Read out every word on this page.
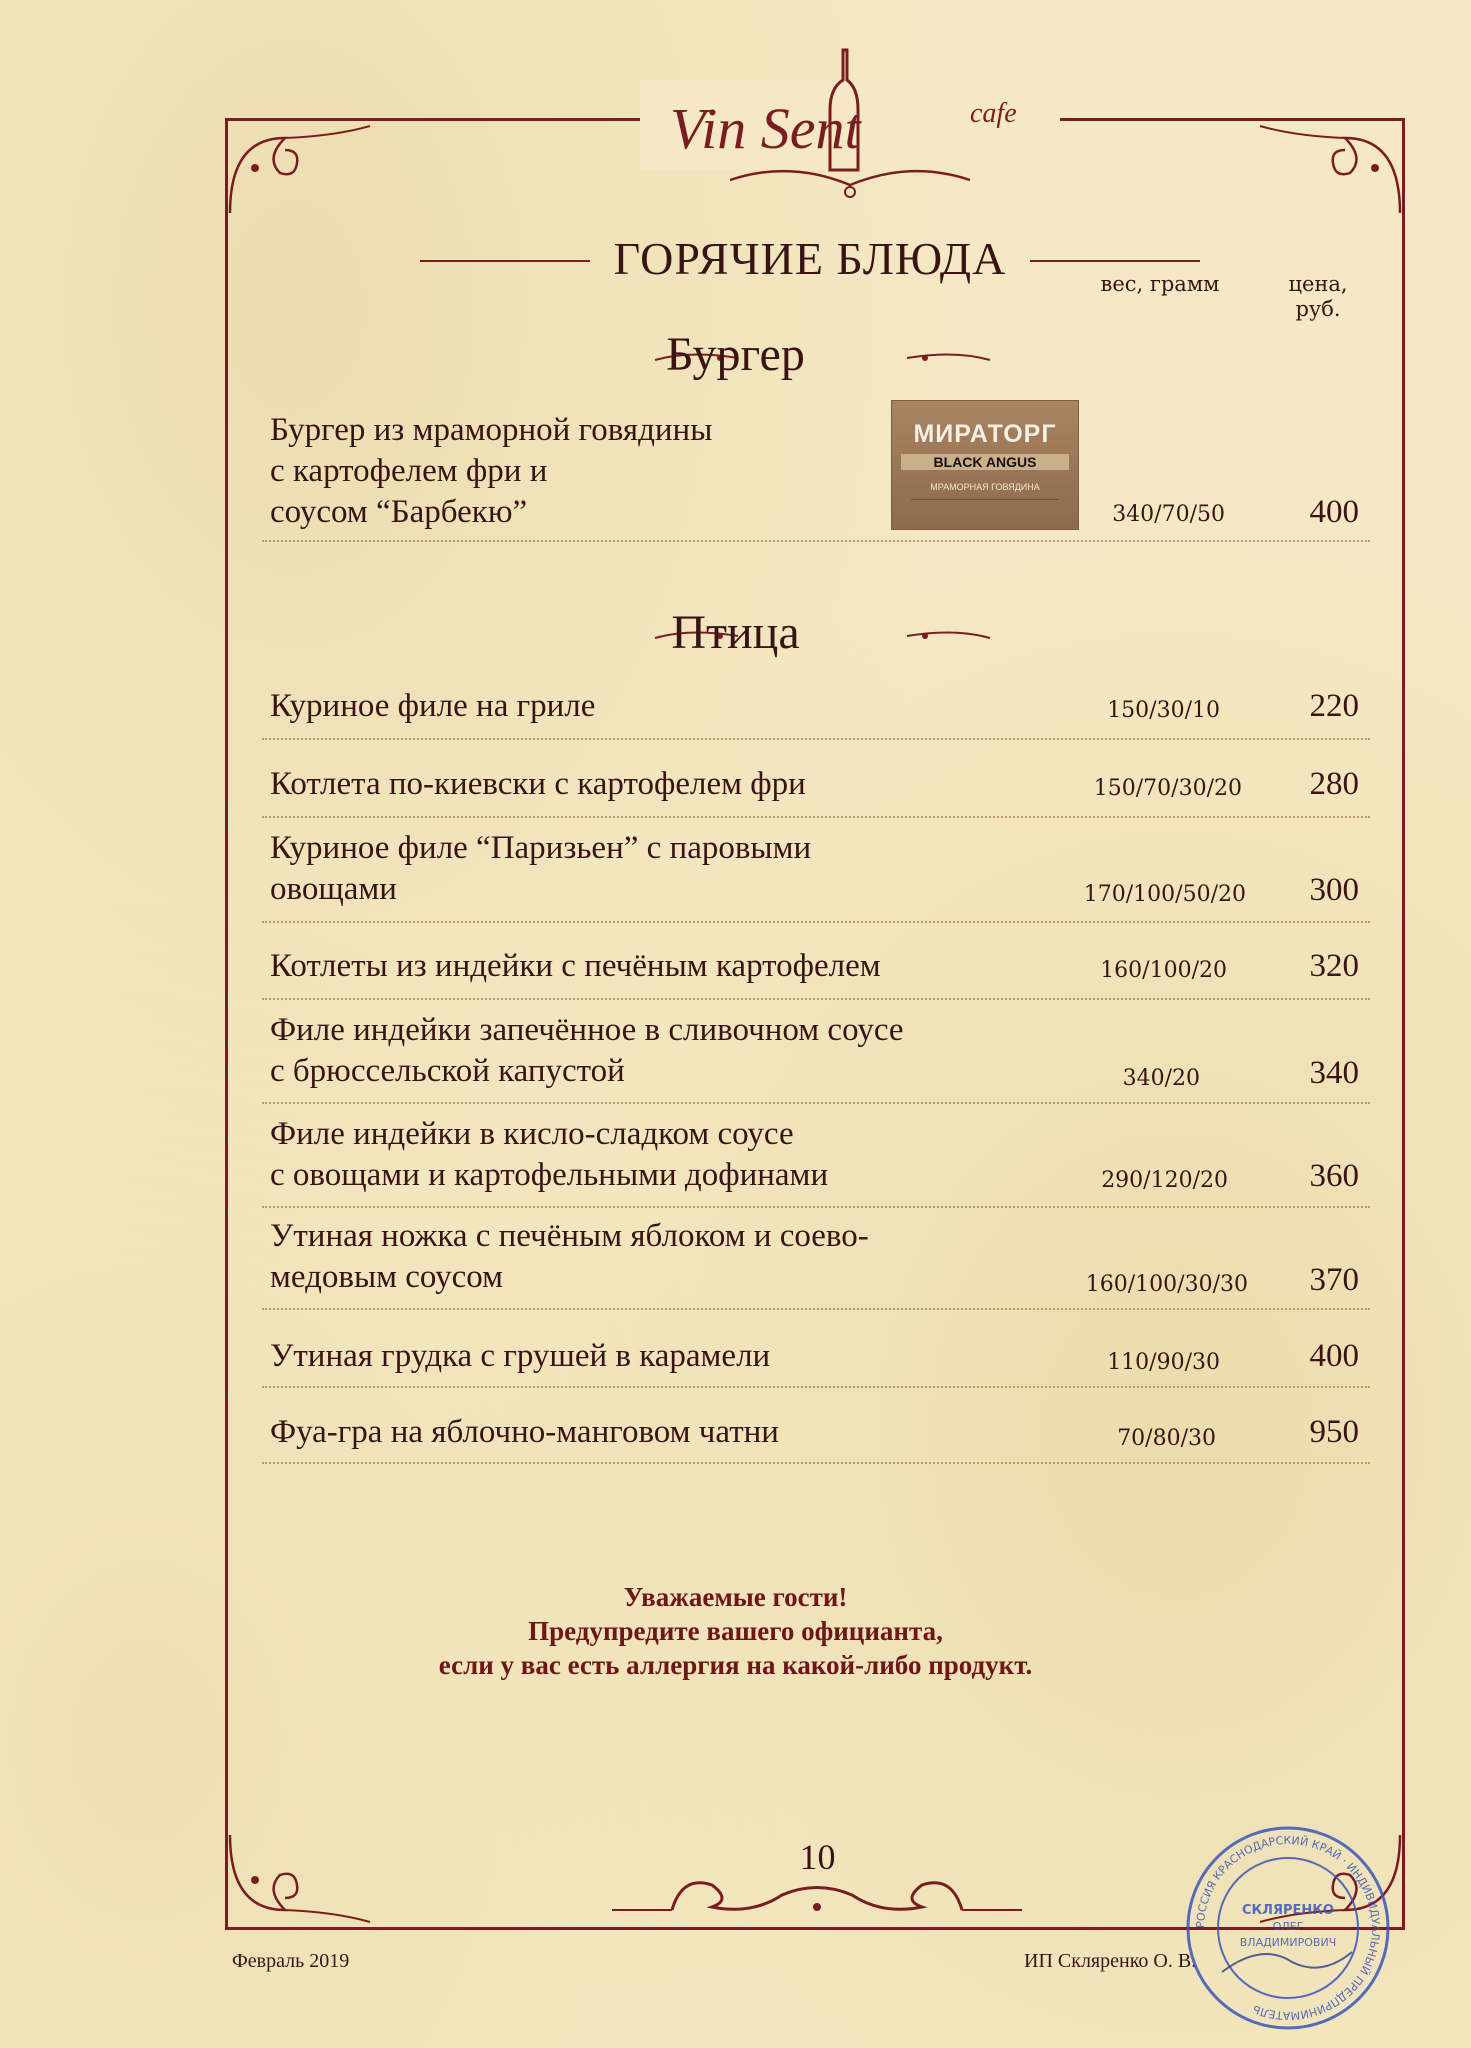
Vin Sent	cafe
ГОРЯЧИЕ БЛЮДА	вес, грамм	цена, руб.
Бургер
Бургер из мраморной говядины
с картофелем фри и
соусом “Барбекю”
МИРАТОРГ
BLACK ANGUS
МРАМОРНАЯ ГОВЯДИНА
340/70/50	400
Птица
Куриное филе на гриле	150/30/10	220
Котлета по-киевски с картофелем фри	150/70/30/20 280
Куриное филе “Паризьен” с паровыми
овощами	170/100/50/20 300
Котлеты из индейки с печёным картофелем	160/100/20	320
Филе индейки запечённое в сливочном соусе
с брюссельской капустой	340/20	340
Филе индейки в кисло-сладком соусе
с овощами и картофельными дофинами	290/120/20 360
Утиная ножка с печёным яблоком и соево-
медовым соусом	160/100/30/30 370
Утиная грудка с грушей в карамели	110/90/30	400
Фуа-гра на яблочно-манговом чатни	70/80/30	950
Уважаемые гости!
Предупредите вашего официанта,
если у вас есть аллергия на какой-либо продукт.
10
Февраль 2019	ИП Скляренко О. В.
РОССИЯ КРАСНОДАРСКИЙ КРАЙ · ИНДИВИДУАЛЬНЫЙ ПРЕДПРИНИМАТЕЛЬ
СКЛЯРЕНКО
ОЛЕГ
ВЛАДИМИРОВИЧ
